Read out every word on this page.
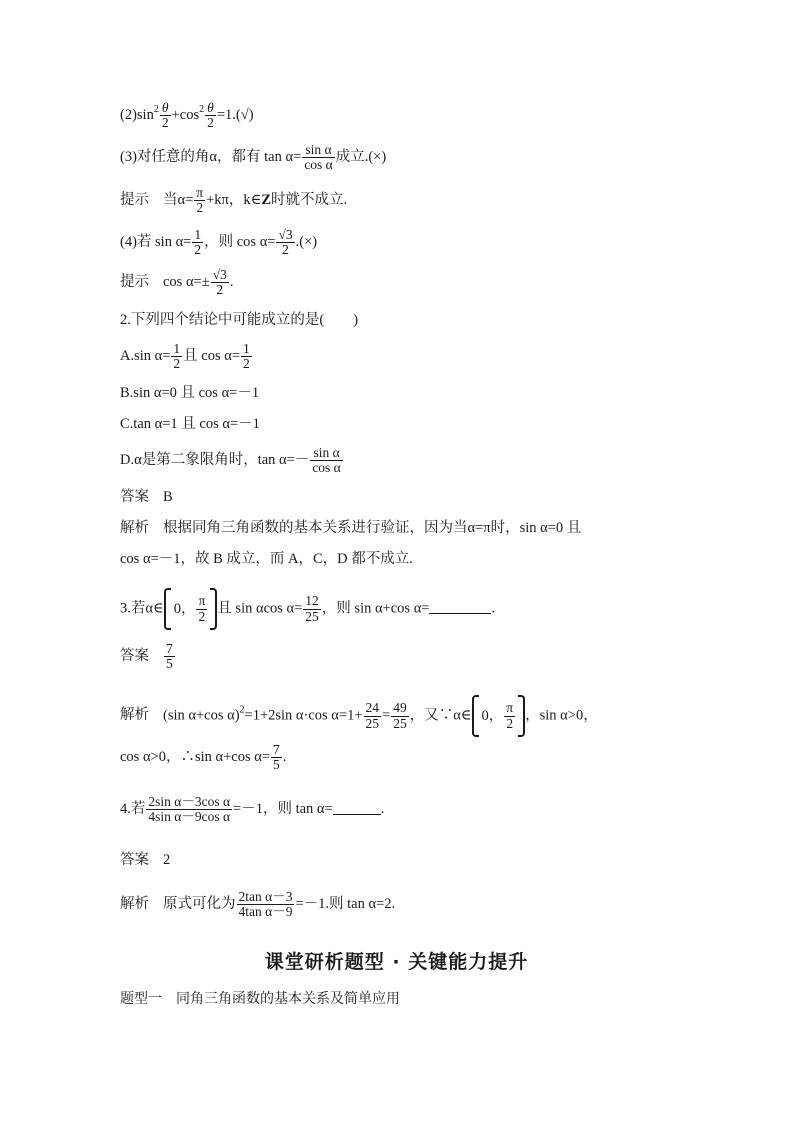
$(2)\sin^2 \frac{\theta}{2} +\cos^2 \frac{\theta}{2} =1.(√)$
(3)对任意的角α，都有 $\tan \alpha= \frac{\text{sin α}}{\text{cos α}}$ 成立.(×)
提示 当$\alpha= \frac{\pi}{2} +k\pi$，k∈Z时就不成立.
(4)若 $\sin \alpha= \frac{1}{2}$ ，则 $\cos \alpha= \frac{√3}{2}$ .(×)
提示 $\cos \alpha=\pm \frac{√3}{2}$ .
2.下列四个结论中可能成立的是(　　)
A.sin $\alpha= \frac{1}{2}$ 且 $\cos \alpha= \frac{1}{2}$
B.sin α=0 且 cos α=－1
C.tan α=1 且 cos α=－1
D.α是第二象限角时，$\tan \alpha=- \frac{\text{sin α}}{\text{cos α}}$
答案 B
解析 根据同角三角函数的基本关系进行验证，因为当α=π时，sin α=0 且
cos α=－1，故 B 成立，而 A，C，D 都不成立.
3.若α∈ 0， $\frac{\pi}{2}$ 且 sin αcos $\alpha= \frac{12}{25}$ ，则 sin α+cos α=	.
答案 $\frac{7}{5}$
解析 (sin α+cos α)$^2$=1+2sin α·cos $\alpha=1+ \frac{24}{25} = \frac{49}{25}$ ，又∵α∈ 0， $\frac{\pi}{2}$ ，sin α>0，
cos α>0，∴sin α+cos $\alpha= \frac{7}{5}$ .
4.若 $\frac{\text{2sin α－3cos α}}{\text{4sin α－9cos α}} =-1$，则 tan α=	.
答案 2
解析 原式可化为 $\frac{\text{2tan α－3}}{\text{4tan α－9}} =-1$.则 tan α=2.
课堂研析题型 · 关键能力提升
题型一　同角三角函数的基本关系及简单应用
